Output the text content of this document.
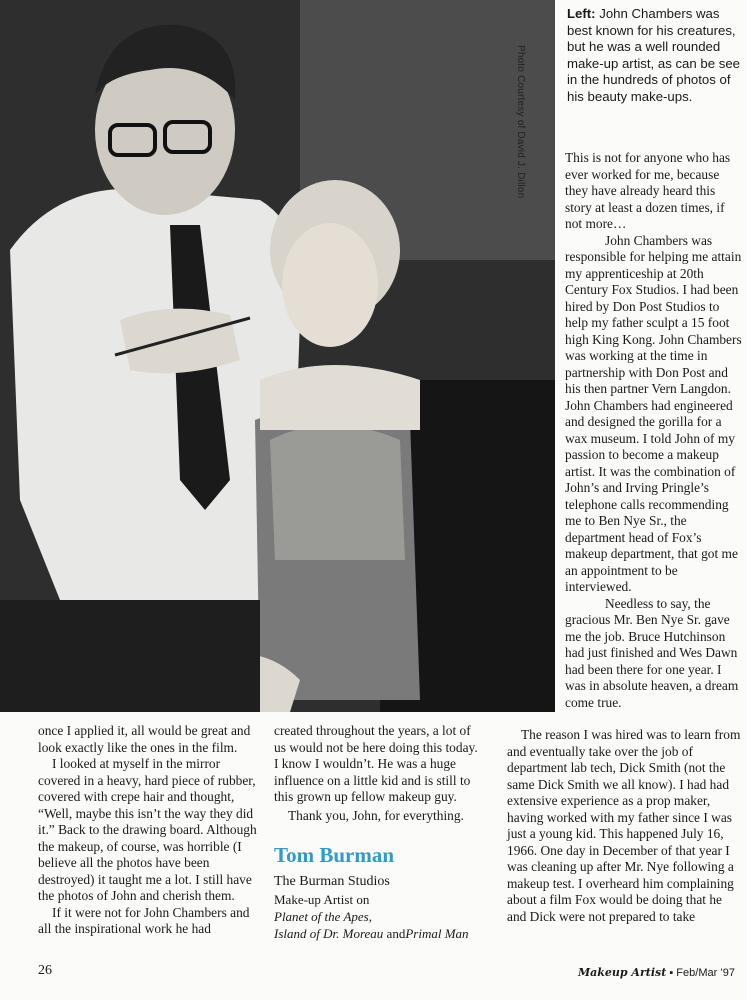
Photo Courtesy of David J. Dillon
Left: John Chambers was best known for his creatures, but he was a well rounded make-up artist, as can be see in the hundreds of photos of his beauty make-ups.

This is not for anyone who has ever worked for me, because they have already heard this story at least a dozen times, if not more…

John Chambers was responsible for helping me attain my apprenticeship at 20th Century Fox Studios. I had been hired by Don Post Studios to help my father sculpt a 15 foot high King Kong. John Chambers was working at the time in partnership with Don Post and his then partner Vern Langdon. John Chambers had engineered and designed the gorilla for a wax museum. I told John of my passion to become a makeup artist. It was the combination of John’s and Irving Pringle’s telephone calls recommending me to Ben Nye Sr., the department head of Fox’s makeup department, that got me an appointment to be interviewed.

Needless to say, the gracious Mr. Ben Nye Sr. gave me the job. Bruce Hutchinson had just finished and Wes Dawn had been there for one year. I was in absolute heaven, a dream come true.

once I applied it, all would be great and look exactly like the ones in the film.

I looked at myself in the mirror covered in a heavy, hard piece of rubber, covered with crepe hair and thought, “Well, maybe this isn’t the way they did it.” Back to the drawing board. Although the makeup, of course, was horrible (I believe all the photos have been destroyed) it taught me a lot. I still have the photos of John and cherish them.

If it were not for John Chambers and all the inspirational work he had

created throughout the years, a lot of us would not be here doing this today. I know I wouldn’t. He was a huge influence on a little kid and is still to this grown up fellow makeup guy.

Thank you, John, for everything.

Tom Burman

The Burman Studios

Make-up Artist on

Planet of the Apes,

Island of Dr. Moreau andPrimal Man

The reason I was hired was to learn from and eventually take over the job of department lab tech, Dick Smith (not the same Dick Smith we all know). I had had extensive experience as a prop maker, having worked with my father since I was just a young kid. This happened July 16, 1966. One day in December of that year I was cleaning up after Mr. Nye following a makeup test. I overheard him complaining about a film Fox would be doing that he and Dick were not prepared to take

26	Makeup Artist ▪ Feb/Mar ’97
